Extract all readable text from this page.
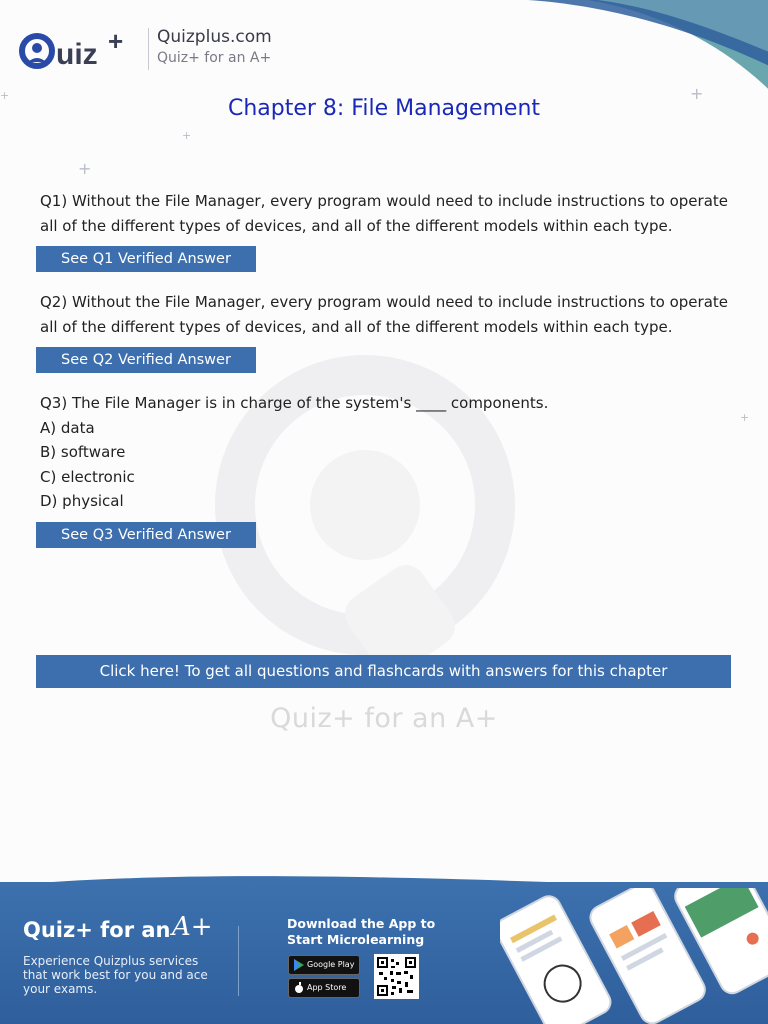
Quiz+ for an A+
uiz + Quizplus.com
Quiz+ for an A+
+
+
+
+
+
Chapter 8: File Management
Q1) Without the File Manager, every program would need to include instructions to operate all of the different types of devices, and all of the different models within each type.
See Q1 Verified Answer
Q2) Without the File Manager, every program would need to include instructions to operate all of the different types of devices, and all of the different models within each type.
See Q2 Verified Answer
Q3) The File Manager is in charge of the system's ____ components.
A) data
B) software
C) electronic
D) physical
See Q3 Verified Answer
Click here! To get all questions and flashcards with answers for this chapter
Quiz+ for an A+
Experience Quizplus services that work best for you and ace your exams.
Download the App to Start Microlearning
Google Play
App Store
